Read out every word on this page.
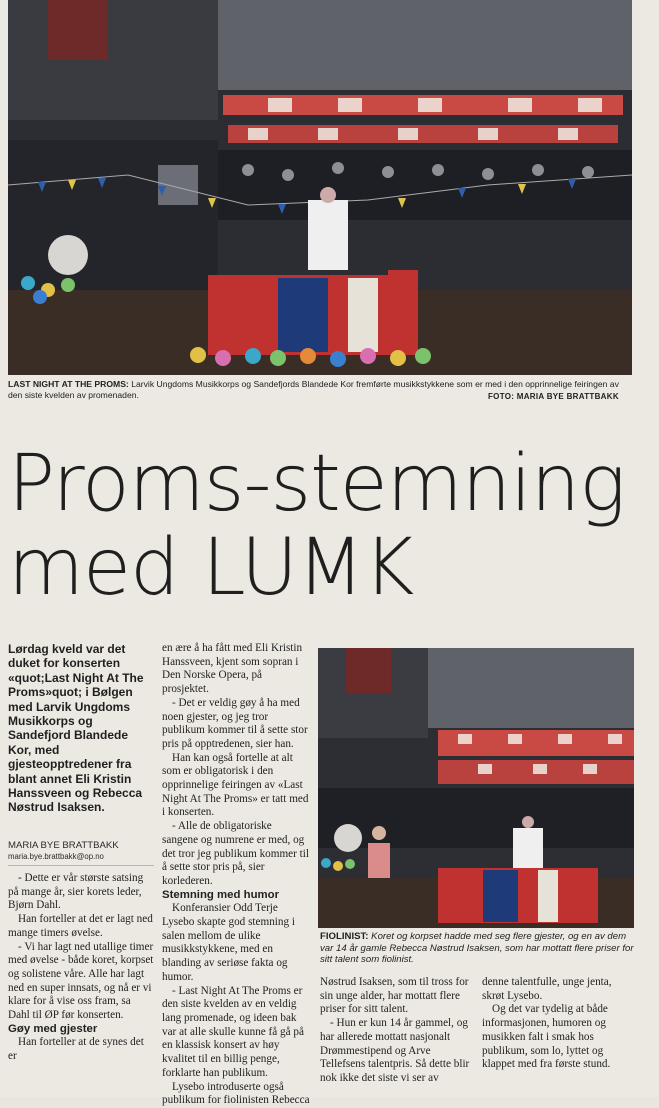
LAST NIGHT AT THE PROMS: Larvik Ungdoms Musikkorps og Sandefjords Blandede Kor fremførte musikkstykkene som er med i den opprinnelige feiringen av den siste kvelden av promenaden.	FOTO: MARIA BYE BRATTBAKK
Proms-stemning
med LUMK
Lørdag kveld var det duket for konserten «quot;Last Night At The Proms»quot; i Bølgen med Larvik Ungdoms Musikkorps og Sandefjord Blandede Kor, med gjesteopptredener fra blant annet Eli Kristin Hanssveen og Rebecca Nøstrud Isaksen.
MARIA BYE BRATTBAKK
maria.bye.brattbakk@op.no

- Dette er vår største satsing på mange år, sier korets leder, Bjørn Dahl.

Han forteller at det er lagt ned mange timers øvelse.

- Vi har lagt ned utallige timer med øvelse - både koret, korpset og solistene våre. Alle har lagt ned en super innsats, og nå er vi klare for å vise oss fram, sa Dahl til ØP før konserten.

Gøy med gjester

Han forteller at de synes det er

en ære å ha fått med Eli Kristin Hanssveen, kjent som sopran i Den Norske Opera, på prosjektet.

- Det er veldig gøy å ha med noen gjester, og jeg tror publikum kommer til å sette stor pris på opptredenen, sier han.

Han kan også fortelle at alt som er obligatorisk i den opprinnelige feiringen av «Last Night At The Proms» er tatt med i konserten.

- Alle de obligatoriske sangene og numrene er med, og det tror jeg publikum kommer til å sette stor pris på, sier korlederen.

Stemning med humor

Konferansier Odd Terje Lysebo skapte god stemning i salen mellom de ulike musikkstykkene, med en blanding av seriøse fakta og humor.

- Last Night At The Proms er den siste kvelden av en veldig lang promenade, og ideen bak var at alle skulle kunne få gå på en klassisk konsert av høy kvalitet til en billig penge, forklarte han publikum.

Lysebo introduserte også publikum for fiolinisten Rebecca

FIOLINIST: Koret og korpset hadde med seg flere gjester, og en av dem var 14 år gamle Rebecca Nøstrud Isaksen, som har mottatt flere priser for sitt talent som fiolinist.

Nøstrud Isaksen, som til tross for sin unge alder, har mottatt flere priser for sitt talent.

- Hun er kun 14 år gammel, og har allerede mottatt nasjonalt Drømmestipend og Arve Tellefsens talentpris. Så dette blir nok ikke det siste vi ser av

denne talentfulle, unge jenta, skrøt Lysebo.

Og det var tydelig at både informasjonen, humoren og musikken falt i smak hos publikum, som lo, lyttet og klappet med fra første stund.
